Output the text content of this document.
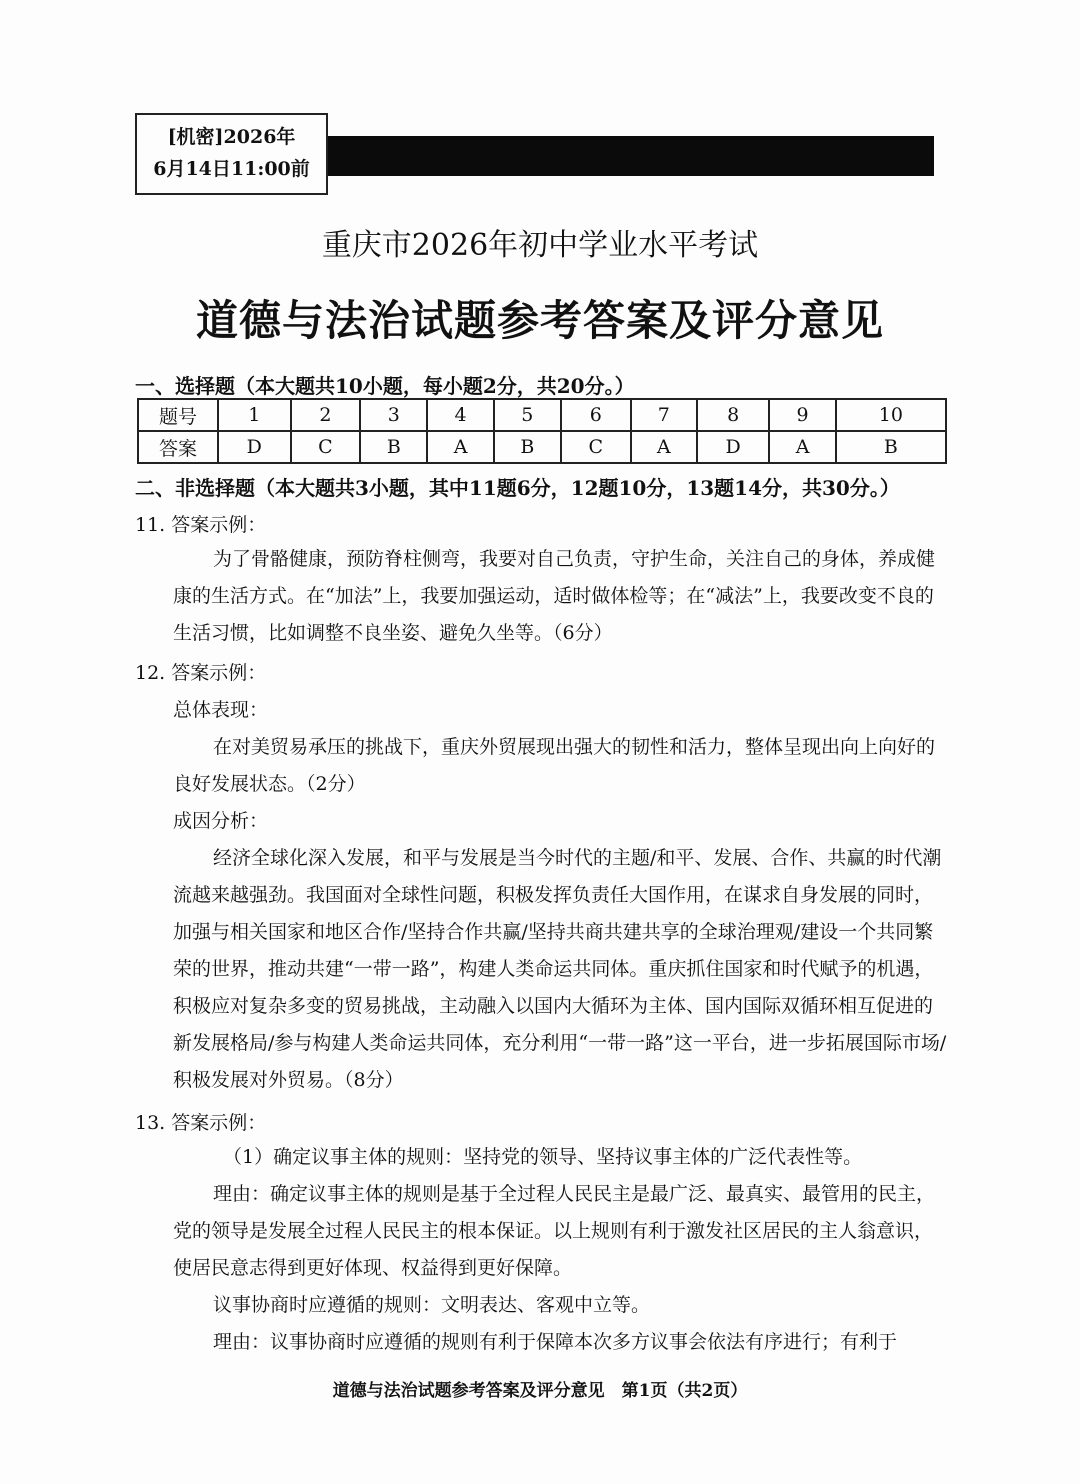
[机密]2026年
6月14日11:00前
重庆市2026年初中学业水平考试
道德与法治试题参考答案及评分意见
一、选择题（本大题共10小题，每小题2分，共20分。）
题号	1	2	3	4	5	6	7	8	9	10
答案	D	C	B	A	B	C	A	D	A	B
二、非选择题（本大题共3小题，其中11题6分，12题10分，13题14分，共30分。）
11. 答案示例：
为了骨骼健康，预防脊柱侧弯，我要对自己负责，守护生命，关注自己的身体，养成健康的生活方式。在“加法”上，我要加强运动，适时做体检等；在“减法”上，我要改变不良的生活习惯，比如调整不良坐姿、避免久坐等。（6分）
12. 答案示例：
总体表现：
在对美贸易承压的挑战下，重庆外贸展现出强大的韧性和活力，整体呈现出向上向好的良好发展状态。（2分）
成因分析：
经济全球化深入发展，和平与发展是当今时代的主题/和平、发展、合作、共赢的时代潮流越来越强劲。我国面对全球性问题，积极发挥负责任大国作用，在谋求自身发展的同时，加强与相关国家和地区合作/坚持合作共赢/坚持共商共建共享的全球治理观/建设一个共同繁荣的世界，推动共建“一带一路”，构建人类命运共同体。重庆抓住国家和时代赋予的机遇，积极应对复杂多变的贸易挑战，主动融入以国内大循环为主体、国内国际双循环相互促进的新发展格局/参与构建人类命运共同体，充分利用“一带一路”这一平台，进一步拓展国际市场/积极发展对外贸易。（8分）
13. 答案示例：
（1）确定议事主体的规则：坚持党的领导、坚持议事主体的广泛代表性等。
理由：确定议事主体的规则是基于全过程人民民主是最广泛、最真实、最管用的民主，党的领导是发展全过程人民民主的根本保证。以上规则有利于激发社区居民的主人翁意识，使居民意志得到更好体现、权益得到更好保障。
议事协商时应遵循的规则：文明表达、客观中立等。
理由：议事协商时应遵循的规则有利于保障本次多方议事会依法有序进行；有利于
道德与法治试题参考答案及评分意见　第1页（共2页）
